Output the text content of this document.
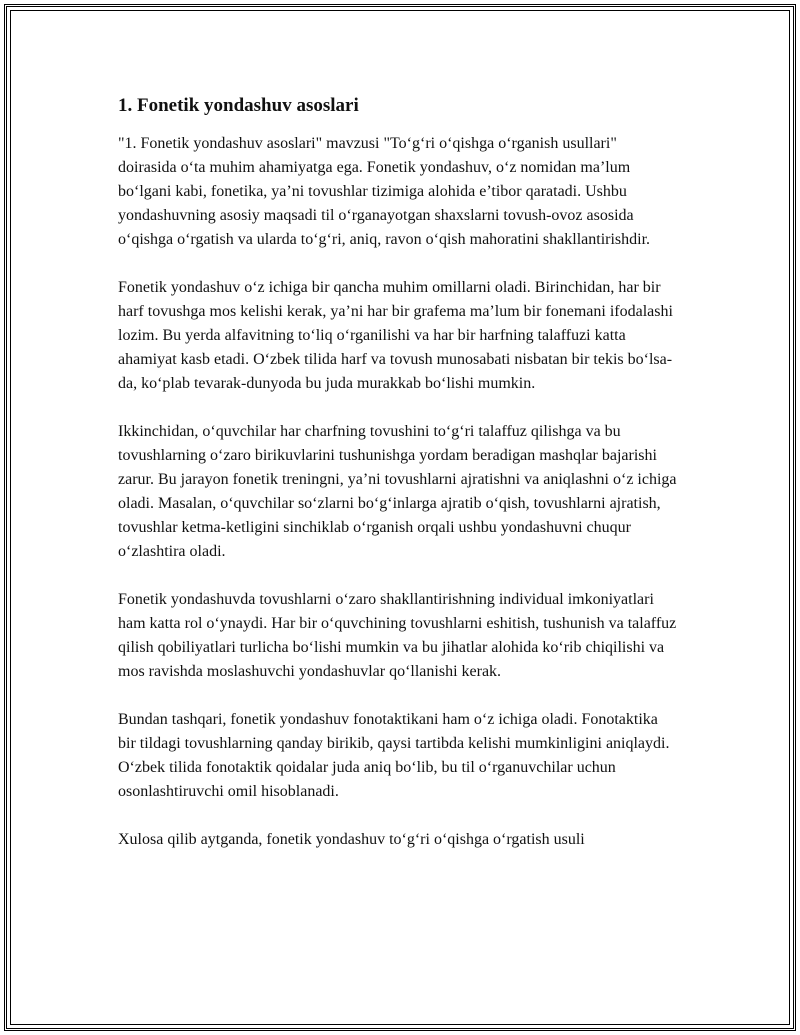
1. Fonetik yondashuv asoslari

"1. Fonetik yondashuv asoslari" mavzusi "To‘g‘ri o‘qishga o‘rganish usullari" doirasida o‘ta muhim ahamiyatga ega. Fonetik yondashuv, o‘z nomidan ma’lum bo‘lgani kabi, fonetika, ya’ni tovushlar tizimiga alohida e’tibor qaratadi. Ushbu yondashuvning asosiy maqsadi til o‘rganayotgan shaxslarni tovush-ovoz asosida o‘qishga o‘rgatish va ularda to‘g‘ri, aniq, ravon o‘qish mahoratini shakllantirishdir.

Fonetik yondashuv o‘z ichiga bir qancha muhim omillarni oladi. Birinchidan, har bir harf tovushga mos kelishi kerak, ya’ni har bir grafema ma’lum bir fonemani ifodalashi lozim. Bu yerda alfavitning to‘liq o‘rganilishi va har bir harfning talaffuzi katta ahamiyat kasb etadi. O‘zbek tilida harf va tovush munosabati nisbatan bir tekis bo‘lsa-da, ko‘plab tevarak-dunyoda bu juda murakkab bo‘lishi mumkin.

Ikkinchidan, o‘quvchilar har charfning tovushini to‘g‘ri talaffuz qilishga va bu tovushlarning o‘zaro birikuvlarini tushunishga yordam beradigan mashqlar bajarishi zarur. Bu jarayon fonetik treningni, ya’ni tovushlarni ajratishni va aniqlashni o‘z ichiga oladi. Masalan, o‘quvchilar so‘zlarni bo‘g‘inlarga ajratib o‘qish, tovushlarni ajratish, tovushlar ketma-ketligini sinchiklab o‘rganish orqali ushbu yondashuvni chuqur o‘zlashtira oladi.

Fonetik yondashuvda tovushlarni o‘zaro shakllantirishning individual imkoniyatlari ham katta rol o‘ynaydi. Har bir o‘quvchining tovushlarni eshitish, tushunish va talaffuz qilish qobiliyatlari turlicha bo‘lishi mumkin va bu jihatlar alohida ko‘rib chiqilishi va mos ravishda moslashuvchi yondashuvlar qo‘llanishi kerak.

Bundan tashqari, fonetik yondashuv fonotaktikani ham o‘z ichiga oladi. Fonotaktika bir tildagi tovushlarning qanday birikib, qaysi tartibda kelishi mumkinligini aniqlaydi. O‘zbek tilida fonotaktik qoidalar juda aniq bo‘lib, bu til o‘rganuvchilar uchun osonlashtiruvchi omil hisoblanadi.

Xulosa qilib aytganda, fonetik yondashuv to‘g‘ri o‘qishga o‘rgatish usuli
